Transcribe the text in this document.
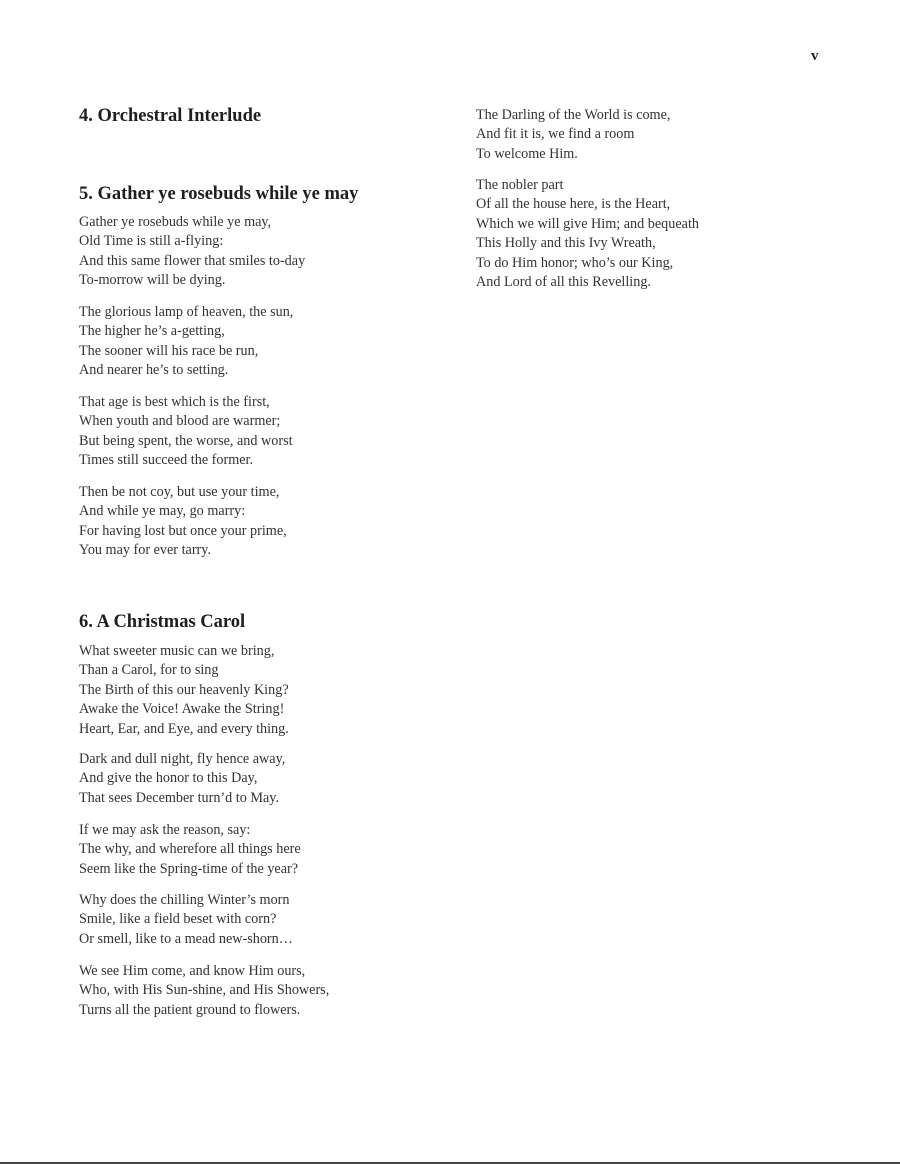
v
4. Orchestral Interlude
5. Gather ye rosebuds while ye may
Gather ye rosebuds while ye may,
Old Time is still a-flying:
And this same flower that smiles to-day
To-morrow will be dying.
The glorious lamp of heaven, the sun,
The higher he’s a-getting,
The sooner will his race be run,
And nearer he’s to setting.
That age is best which is the first,
When youth and blood are warmer;
But being spent, the worse, and worst
Times still succeed the former.
Then be not coy, but use your time,
And while ye may, go marry:
For having lost but once your prime,
You may for ever tarry.
6. A Christmas Carol
What sweeter music can we bring,
Than a Carol, for to sing
The Birth of this our heavenly King?
Awake the Voice! Awake the String!
Heart, Ear, and Eye, and every thing.
Dark and dull night, fly hence away,
And give the honor to this Day,
That sees December turn’d to May.
If we may ask the reason, say:
The why, and wherefore all things here
Seem like the Spring-time of the year?
Why does the chilling Winter’s morn
Smile, like a field beset with corn?
Or smell, like to a mead new-shorn…
We see Him come, and know Him ours,
Who, with His Sun-shine, and His Showers,
Turns all the patient ground to flowers.
The Darling of the World is come,
And fit it is, we find a room
To welcome Him.
The nobler part
Of all the house here, is the Heart,
Which we will give Him; and bequeath
This Holly and this Ivy Wreath,
To do Him honor; who’s our King,
And Lord of all this Revelling.
